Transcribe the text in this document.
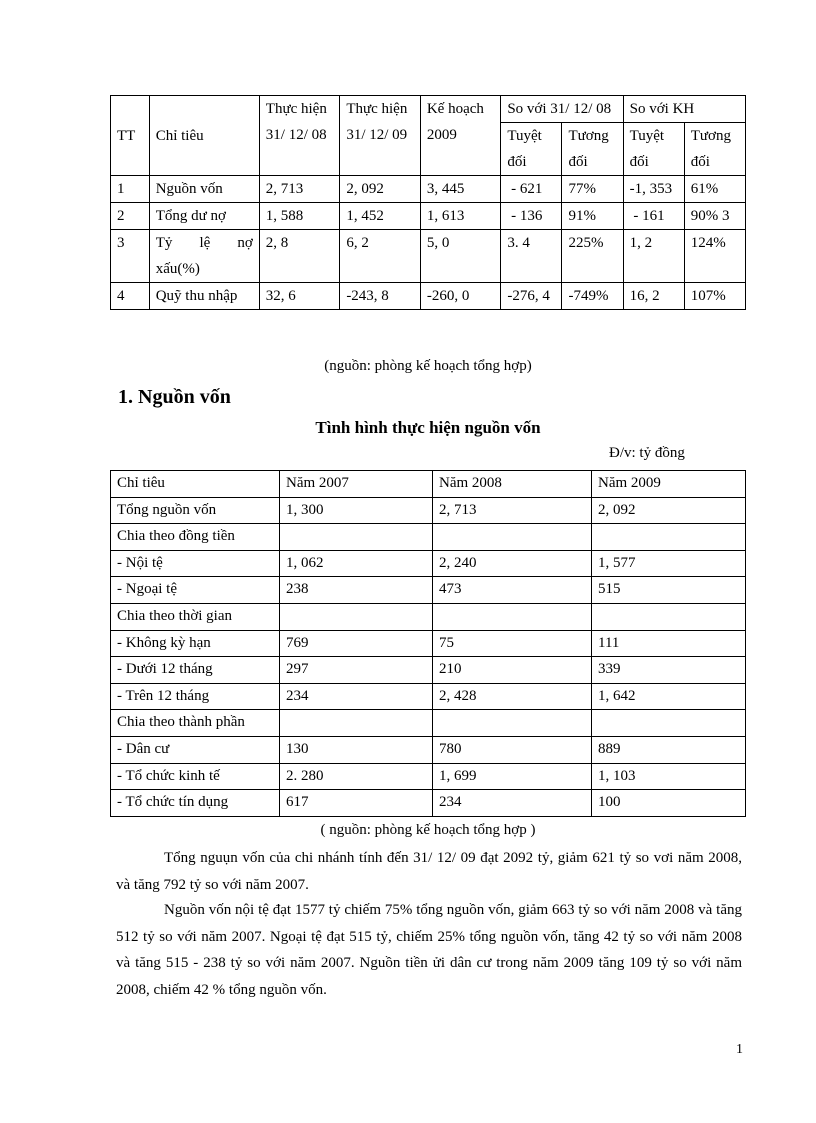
TT	Chỉ tiêu	Thực hiện 31/ 12/ 08	Thực hiện 31/ 12/ 09	Kế hoạch 2009	So với 31/ 12/ 08		So với KH	
					Tuyệt đối	Tương đối	Tuyệt đối	Tương đối
1	Nguồn vốn	2, 713	2, 092	3, 445	- 621	77%	-1, 353	61%
2	Tổng dư nợ	1, 588	1, 452	1, 613	- 136	91%	- 161	90% 3
3	Tỷ lệ nợ xấu(%)	2, 8	6, 2	5, 0	3. 4	225%	1, 2	124%
4	Quỹ thu nhập	32, 6	-243, 8	-260, 0	-276, 4	-749%	16, 2	107%
(nguồn: phòng kế hoạch tổng hợp)
1. Nguồn vốn
Tình hình thực hiện nguồn vốn
Đ/v: tỷ đồng
Chỉ tiêu	Năm 2007	Năm 2008	Năm 2009
Tổng nguồn vốn	1, 300	2, 713	2, 092
Chia theo đồng tiền			
- Nội tệ	1, 062	2, 240	1, 577
- Ngoại tệ	238	473	515
Chia theo thời gian			
- Không kỳ hạn	769	75	111
- Dưới 12 tháng	297	210	339
- Trên 12 tháng	234	2, 428	1, 642
Chia theo thành phần			
- Dân cư	130	780	889
- Tổ chức kinh tế	2. 280	1, 699	1, 103
- Tổ chức tín dụng	617	234	100
( nguồn: phòng kế hoạch tổng hợp )

Tổng nguụn vốn của chi nhánh tính đến 31/ 12/ 09 đạt 2092 tỷ, giảm 621 tỷ so vơi năm 2008, và tăng 792 tỷ so với năm 2007.

Nguồn vốn nội tệ đạt 1577 tỷ chiếm 75% tổng nguồn vốn, giảm 663 tỷ so với năm 2008 và tăng 512 tỷ so với năm 2007. Ngoại tệ đạt 515 tỷ, chiếm 25% tổng nguồn vốn, tăng 42 tỷ so với năm 2008 và tăng 515 - 238 tỷ so với năm 2007. Nguồn tiền ửi dân cư trong năm 2009 tăng 109 tỷ so với năm 2008, chiếm 42 % tổng nguồn vốn.

1
